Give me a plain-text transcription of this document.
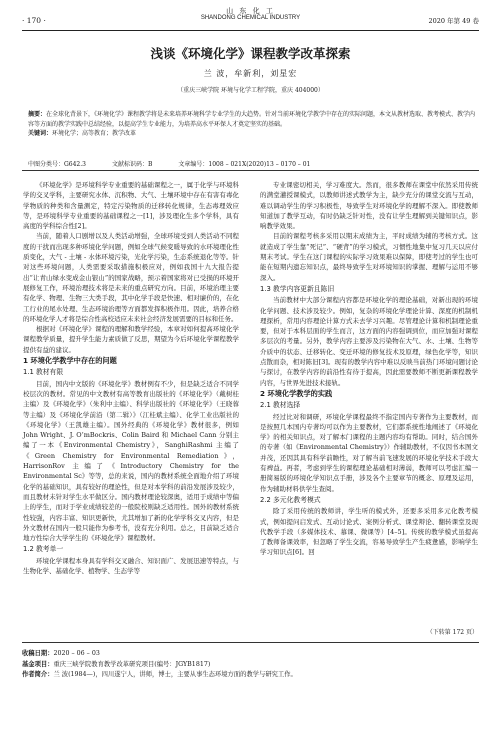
· 170 ·
山 东 化 工
SHANDONG CHEMICAL INDUSTRY	2020 年第 49 卷
浅谈《环境化学》课程教学改革探索
兰 波，牟新利，刘星宏
（重庆三峡学院 环境与化学工程学院，重庆 404000）
摘要：在全球化背景下，《环境化学》课程教学将是未来培养环境科学专业学生的大趋势。针对当前环境化学教学中存在的实际问题，本文从教材选取、教考模式、教学内容等方面的教学实践中总结经验，以提高学生专业能力，为培养高水平环保人才奠定坚实的基础。
关键词：环境化学；高等教育；教学改革
中图分类号：G642.3	文献标识码：B	文章编号：1008 – 021X(2020)13 – 0170 – 01

《环境化学》是环境科学专业重要的基础课程之一，属于化学与环境科学的交叉学科，主要研究水体、沉积物、大气、土壤环境中存在有害有毒化学物质的种类和含量测定，特定污染物质的迁移转化规律，生态毒理效应等，是环境科学专业重要的基础课程之一[1]，涉及理化生多个学科，具有高度的学科综合性[2]。

当前，随着人口剧增以及人类活动增强，全球环境受到人类活动不同程度的干扰而出现多种环境化学问题，例如全球气候变暖导致的水环境理化性质变化，大气 - 土壤 - 水体环境污染，光化学污染，生态系统退化等等。针对这些环境问题，人类需要采取措施积极应对，例如我国十九大报告提出“让青山绿水变成金山银山”的国家战略，预示着国家将对已受损的环境开展修复工作，环境治理技术将是未来的重点研究方向。目前，环境治理主要有化学、物理、生物三大类手段，其中化学手段是快速、相对廉价的，在化工行业的尾水处理、生态环境治理等方面都发挥积极作用。因此，培养合格的环境化学人才将是综合性高校适应未来社会经济发展需要的目标和任务。

根据对《环境化学》课程的理解和教学经验，本章对如何提高环境化学课程教学质量，提升学生能力素质做了反思，期望为今后环境化学课程教学提供有益的建议。

1 环境化学教学中存在的问题
1.1 教材有限

目前，国内中文版的《环境化学》教材例有不少，但是缺乏适合不同学校层次的教材。常见的中文教材有高等教育出版社的《环境化学》（戴树桂主编）及《环境化学》（朱利中主编）、科学出版社的《环境化学》（王晓蓉等主编）及《环境化学前沿（第二辑）》（江桂斌主编）、化学工业出版社的《环境化学》（王凯雄主编）。国外经典的《环境化学》教材很多，例如 John Wright、J. O’mBockris、Colin Baird 和 Michael Cann 分别主编了一本《Environmental Chemistry》，SanghiRashmi 主编了《Green Chemistry for Environmental Remediation》，HarrisonRov 主编了《Introductory Chemistry for the Environmental Sc》等等，总的来说，国内的教材系统全面地介绍了环境化学的基础知识，具有较好的理论性，但是对本学科的前沿发展涉及较少，而且教材未针对学生水平做区分。国内教材理论较深奥，适用于成绩中等偏上的学生，而对于学业成绩较差的一般院校则缺乏适用性。国外的教材系统性较强，内容丰富、知识更新快，尤其增加了新的化学学科交叉内容，但是外文教材在国内一般只能作为参考书，没有充分利用。总之，目前缺乏适合地方性综合大学学生的《环境化学》课程教材。

1.2 教考单一

环境化学课程本身具有学科交叉融合、知识面广、发展迅速等特点，与生物化学、基础化学、植物学、生态学等

专业课密切相关，学习难度大。然而，很多教师在课堂中依然采用传统的满堂灌授课模式，以教师讲述式教学为主，缺少充分的课堂交流与互动，难以调动学生的学习积极性，导致学生对环境化学的理解不深入。即使教师知道加了教学互动，有时仍缺乏针对性，没有让学生理解到关键知识点，影响教学效果。

目前的课程考核多采用以期末成绩为主，平时成绩为辅的考核方式。这就造成了学生靠“死记”、“硬背”的学习模式，习惯性地集中复习几天以应付期末考试。学生在这门课程的实际学习效果难以保障，即使考过的学生也可能在短期内遗忘知识点，最终导致学生对环境知识的掌握、理解与运用不够深入。

1.3 教学内容更新且陈旧

当前教材中大部分课程内容都是环境化学的理论基础，对新出现的环境化学问题、技术涉及较少。例如，复杂的环境化学理论计算、深度的机制机理探析，常用内容理论计算方式未去学习兴趣。尽管理论计算和机制理论重要，但对于本科层面的学生而言，这方面的内容强调到位，而应加强对课程多层次的考量。另外，教学内容主要涉及污染物在大气、水、土壤、生物等介质中的状态、迁移转化、变迁环境的修复技术及原理，绿色化学等，知识点散而杂，相对陈旧[3]。现有的教学内容中难以反映当前热门环境问题讨论与探讨，在教学内容的前沿性有待于提高，因此需要教师不断更新课程教学内容，与世界先进技术接轨。

2 环境化学教学的实践
2.1 教材选择

经过比对和调研，环境化学课程最终不指定国内专著作为主要教材，而是按照几本国内专著均可以作为主要教材，它们都系统性地阐述了《环境化学》的相关知识点，对了解本门课程的主题内容均有帮助。同时，结合国外的专著（如《Environmental Chemistry》）作辅助教材，不仅因书本图文并茂，还因其具有科学前瞻性，对了解当前飞速发展的环境化学技术手段大有裨益。再者，考虑到学生的课程理论基础相对薄弱，教师可以考虑汇编一册简易版的环境化学知识点手册，涉及各个主要章节的概念、原理及运用，作为辅助材料供学生查阅。

2.2 多元化教考模式

除了采用传统的教师讲，学生听的模式外，还要多采用多元化教考模式，例如提问启发式、互动讨论式、案例分析式、课堂辩论、翻转课堂及现代教学手段（多媒体技术、慕课、微课等）[4–5]。传统的教学模式虽提高了教师备课效率，但忽略了学生交流，容易导致学生产生疲惫感，影响学生学习知识点[6]。回

（下转第 172 页）
收稿日期：2020 – 06 – 03
基金项目：重庆三峡学院教育教学改革研究项目(编号：JGYB1817)
作者简介：兰 波(1984—)，四川遂宁人，讲师，博士，主要从事生态环境方面的教学与研究工作。
